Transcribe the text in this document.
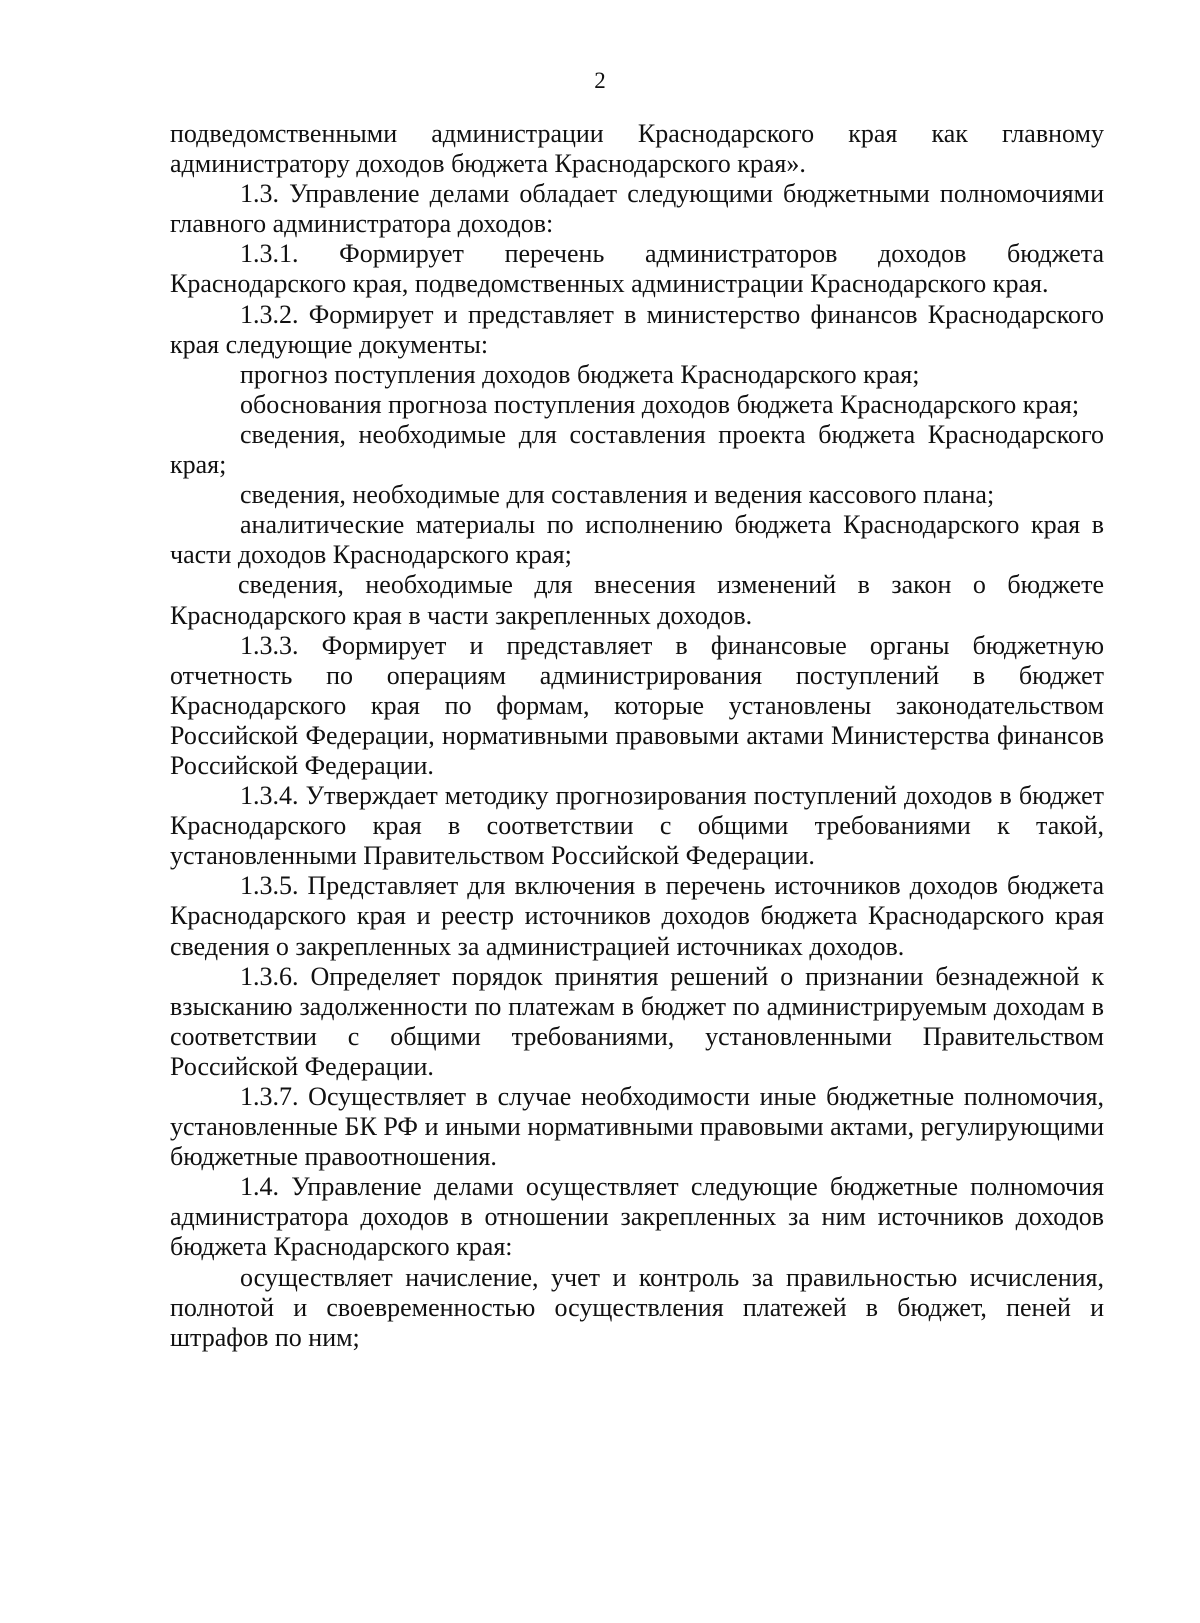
2

подведомственными администрации Краснодарского края как главному администратору доходов бюджета Краснодарского края».

1.3. Управление делами обладает следующими бюджетными полномочиями главного администратора доходов:

1.3.1. Формирует перечень администраторов доходов бюджета Краснодарского края, подведомственных администрации Краснодарского края.

1.3.2. Формирует и представляет в министерство финансов Краснодарского края следующие документы:

прогноз поступления доходов бюджета Краснодарского края;

обоснования прогноза поступления доходов бюджета Краснодарского края;

сведения, необходимые для составления проекта бюджета Краснодарского края;

сведения, необходимые для составления и ведения кассового плана;

аналитические материалы по исполнению бюджета Краснодарского края в части доходов Краснодарского края;

сведения, необходимые для внесения изменений в закон о бюджете Краснодарского края в части закрепленных доходов.

1.3.3. Формирует и представляет в финансовые органы бюджетную отчетность по операциям администрирования поступлений в бюджет Краснодарского края по формам, которые установлены законодательством Российской Федерации, нормативными правовыми актами Министерства финансов Российской Федерации.

1.3.4. Утверждает методику прогнозирования поступлений доходов в бюджет Краснодарского края в соответствии с общими требованиями к такой, установленными Правительством Российской Федерации.

1.3.5. Представляет для включения в перечень источников доходов бюджета Краснодарского края и реестр источников доходов бюджета Краснодарского края сведения о закрепленных за администрацией источниках доходов.

1.3.6. Определяет порядок принятия решений о признании безнадежной к взысканию задолженности по платежам в бюджет по администрируемым доходам в соответствии с общими требованиями, установленными Правительством Российской Федерации.

1.3.7. Осуществляет в случае необходимости иные бюджетные полномочия, установленные БК РФ и иными нормативными правовыми актами, регулирующими бюджетные правоотношения.

1.4. Управление делами осуществляет следующие бюджетные полномочия администратора доходов в отношении закрепленных за ним источников доходов бюджета Краснодарского края:

осуществляет начисление, учет и контроль за правильностью исчисления, полнотой и своевременностью осуществления платежей в бюджет, пеней и штрафов по ним;
